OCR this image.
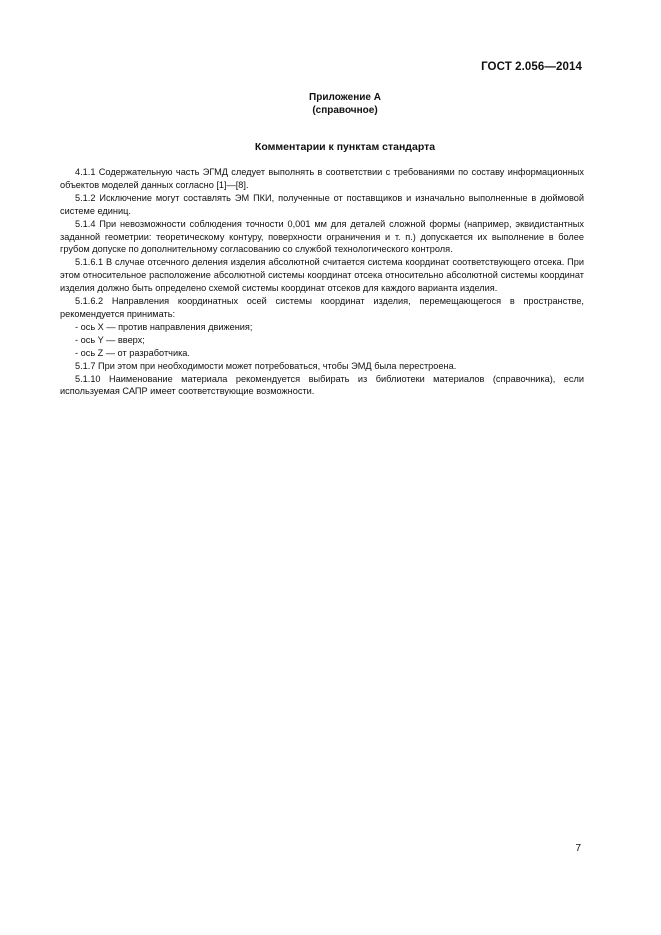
ГОСТ 2.056—2014
Приложение А
(справочное)
Комментарии к пунктам стандарта

4.1.1 Содержательную часть ЭГМД следует выполнять в соответствии с требованиями по составу информационных объектов моделей данных согласно [1]—[8].

5.1.2 Исключение могут составлять ЭМ ПКИ, полученные от поставщиков и изначально выполненные в дюймовой системе единиц.

5.1.4 При невозможности соблюдения точности 0,001 мм для деталей сложной формы (например, эквидистантных заданной геометрии: теоретическому контуру, поверхности ограничения и т. п.) допускается их выполнение в более грубом допуске по дополнительному согласованию со службой технологического контроля.

5.1.6.1 В случае отсечного деления изделия абсолютной считается система координат соответствующего отсека. При этом относительное расположение абсолютной системы координат отсека относительно абсолютной системы координат изделия должно быть определено схемой системы координат отсеков для каждого варианта изделия.

5.1.6.2 Направления координатных осей системы координат изделия, перемещающегося в пространстве, рекомендуется принимать:

- ось X — против направления движения;

- ось Y — вверх;

- ось Z — от разработчика.

5.1.7 При этом при необходимости может потребоваться, чтобы ЭМД была перестроена.

5.1.10 Наименование материала рекомендуется выбирать из библиотеки материалов (справочника), если используемая САПР имеет соответствующие возможности.

7
